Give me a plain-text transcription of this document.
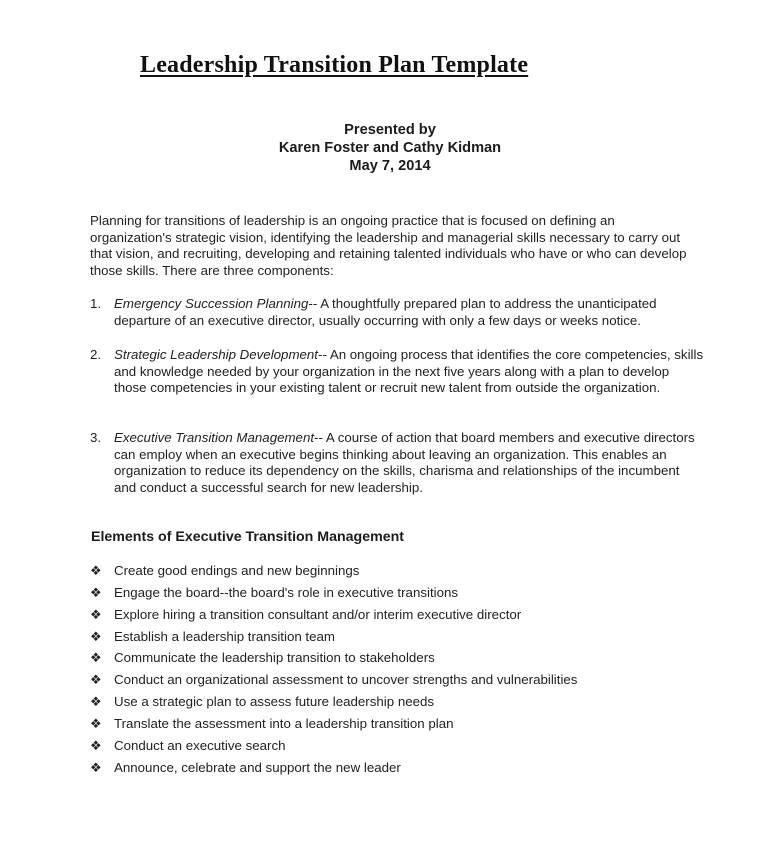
Leadership Transition Plan Template
Presented by
Karen Foster and Cathy Kidman
May 7, 2014

Planning for transitions of leadership is an ongoing practice that is focused on defining an organization's strategic vision, identifying the leadership and managerial skills necessary to carry out that vision, and recruiting, developing and retaining talented individuals who have or who can develop those skills. There are three components:

1. Emergency Succession Planning-- A thoughtfully prepared plan to address the unanticipated departure of an executive director, usually occurring with only a few days or weeks notice.
2. Strategic Leadership Development-- An ongoing process that identifies the core competencies, skills and knowledge needed by your organization in the next five years along with a plan to develop those competencies in your existing talent or recruit new talent from outside the organization.
3. Executive Transition Management-- A course of action that board members and executive directors can employ when an executive begins thinking about leaving an organization. This enables an organization to reduce its dependency on the skills, charisma and relationships of the incumbent and conduct a successful search for new leadership.
Elements of Executive Transition Management
❖ Create good endings and new beginnings
❖ Engage the board--the board's role in executive transitions
❖ Explore hiring a transition consultant and/or interim executive director
❖ Establish a leadership transition team
❖ Communicate the leadership transition to stakeholders
❖ Conduct an organizational assessment to uncover strengths and vulnerabilities
❖ Use a strategic plan to assess future leadership needs
❖ Translate the assessment into a leadership transition plan
❖ Conduct an executive search
❖ Announce, celebrate and support the new leader
